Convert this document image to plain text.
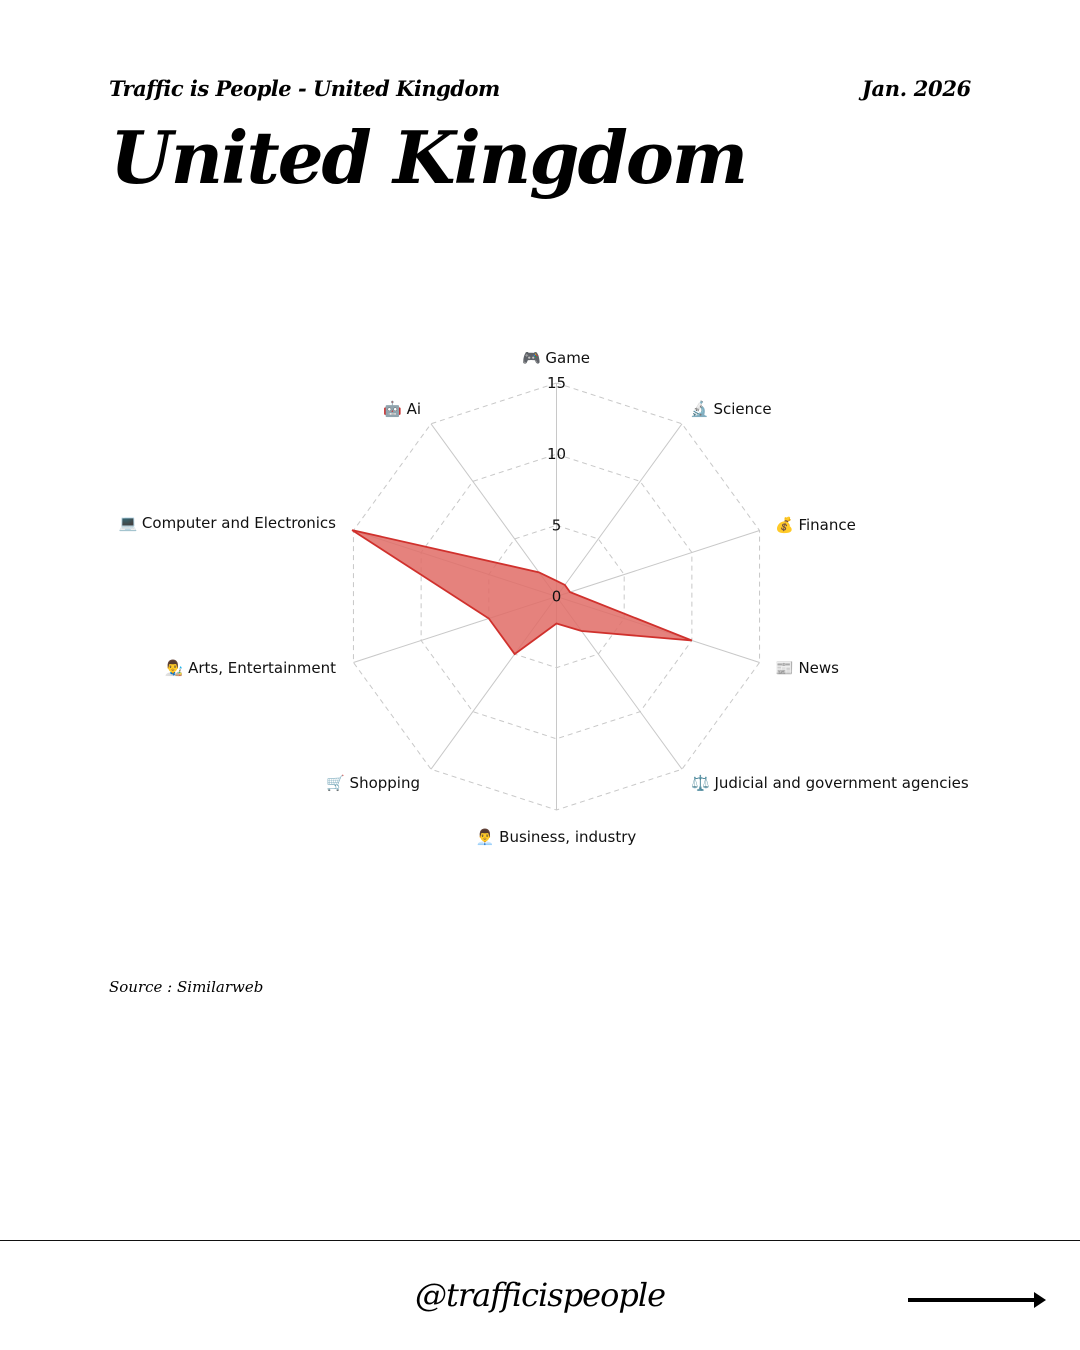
Traffic is People - United Kingdom	Jan. 2026
United Kingdom
0
5
10
15
🎮 Game
🔬 Science
💰 Finance
📰 News
⚖️ Judicial and government agencies
👨‍💼 Business, industry
🛒 Shopping
👨‍🎨 Arts, Entertainment
💻 Computer and Electronics
🤖 Ai
Source : Similarweb
@trafficispeople
